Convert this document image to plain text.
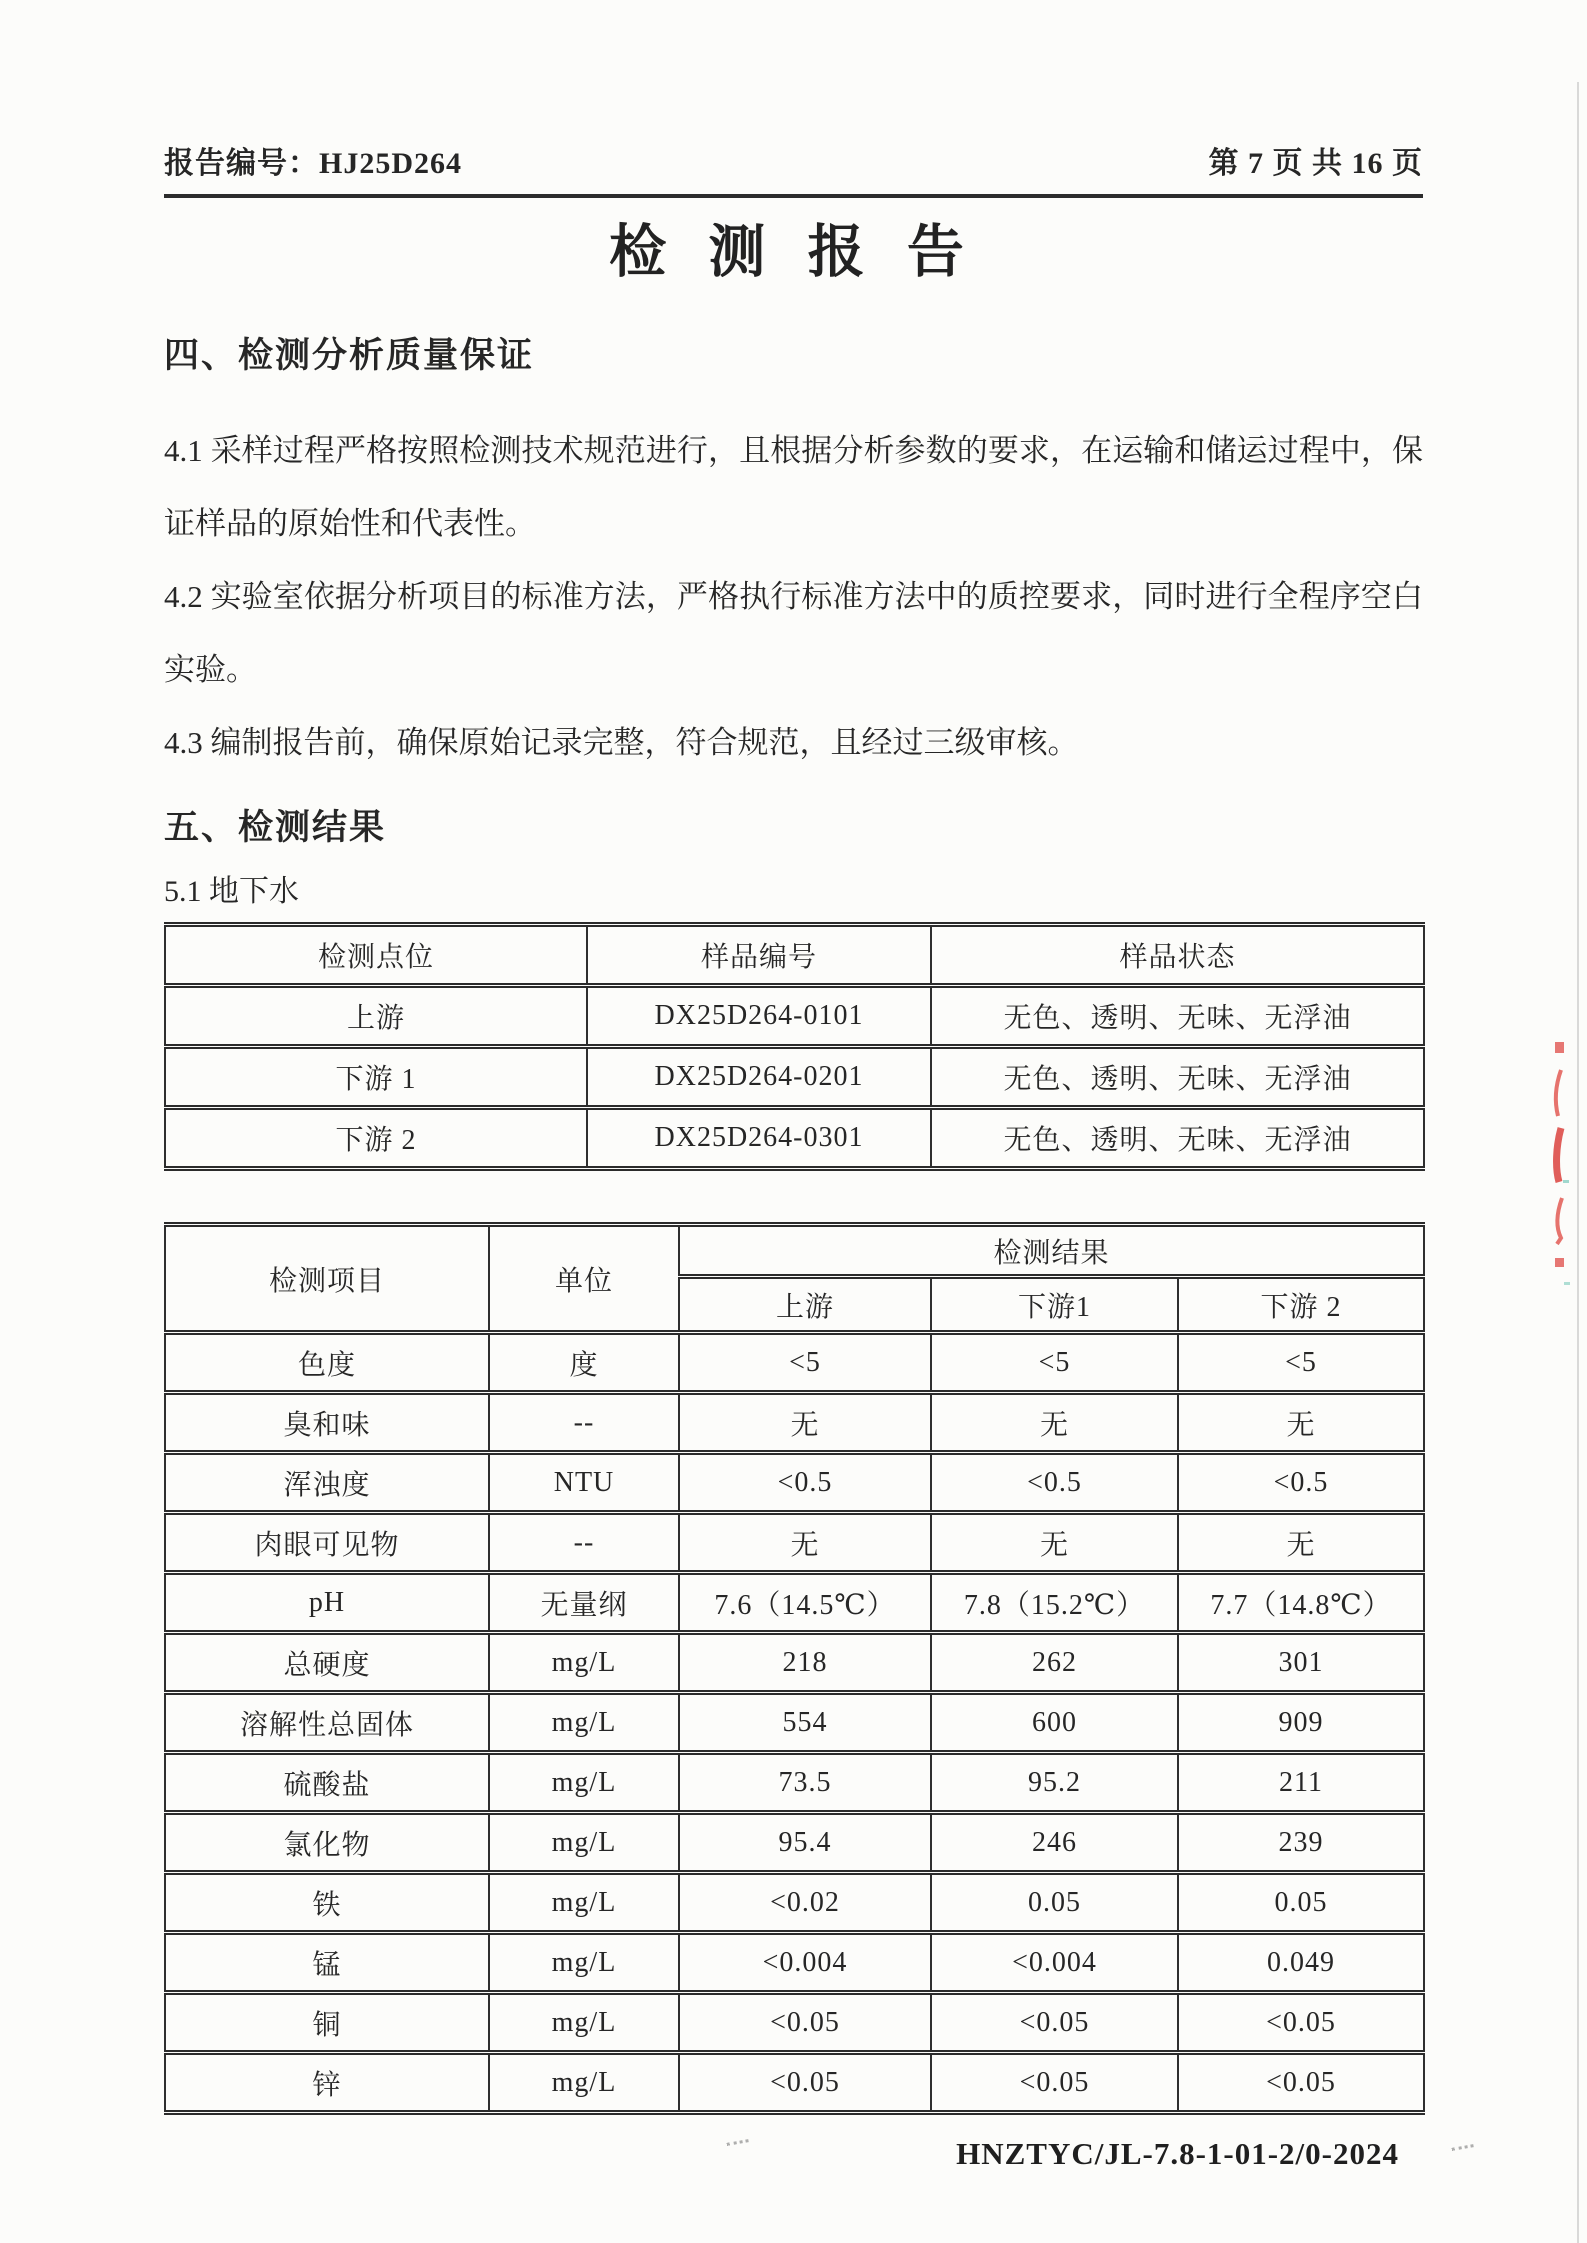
报告编号：HJ25D264	第 7 页 共 16 页
检 测 报 告
四、检测分析质量保证

4.1 采样过程严格按照检测技术规范进行，且根据分析参数的要求，在运输和储运过程中，保证样品的原始性和代表性。

4.2 实验室依据分析项目的标准方法，严格执行标准方法中的质控要求，同时进行全程序空白实验。

4.3 编制报告前，确保原始记录完整，符合规范，且经过三级审核。

五、检测结果
5.1 地下水
检测点位	样品编号	样品状态
上游	DX25D264-0101	无色、透明、无味、无浮油
下游 1	DX25D264-0201	无色、透明、无味、无浮油
下游 2	DX25D264-0301	无色、透明、无味、无浮油
检测项目	单位	检测结果		
		上游	下游1	下游 2
色度	度	<5	<5	<5
臭和味	--	无	无	无
浑浊度	NTU	<0.5	<0.5	<0.5
肉眼可见物	--	无	无	无
pH	无量纲	7.6（14.5℃）	7.8（15.2℃）	7.7（14.8℃）
总硬度	mg/L	218	262	301
溶解性总固体	mg/L	554	600	909
硫酸盐	mg/L	73.5	95.2	211
氯化物	mg/L	95.4	246	239
铁	mg/L	<0.02	0.05	0.05
锰	mg/L	<0.004	<0.004	0.049
铜	mg/L	<0.05	<0.05	<0.05
锌	mg/L	<0.05	<0.05	<0.05
HNZTYC/JL-7.8-1-01-2/0-2024
